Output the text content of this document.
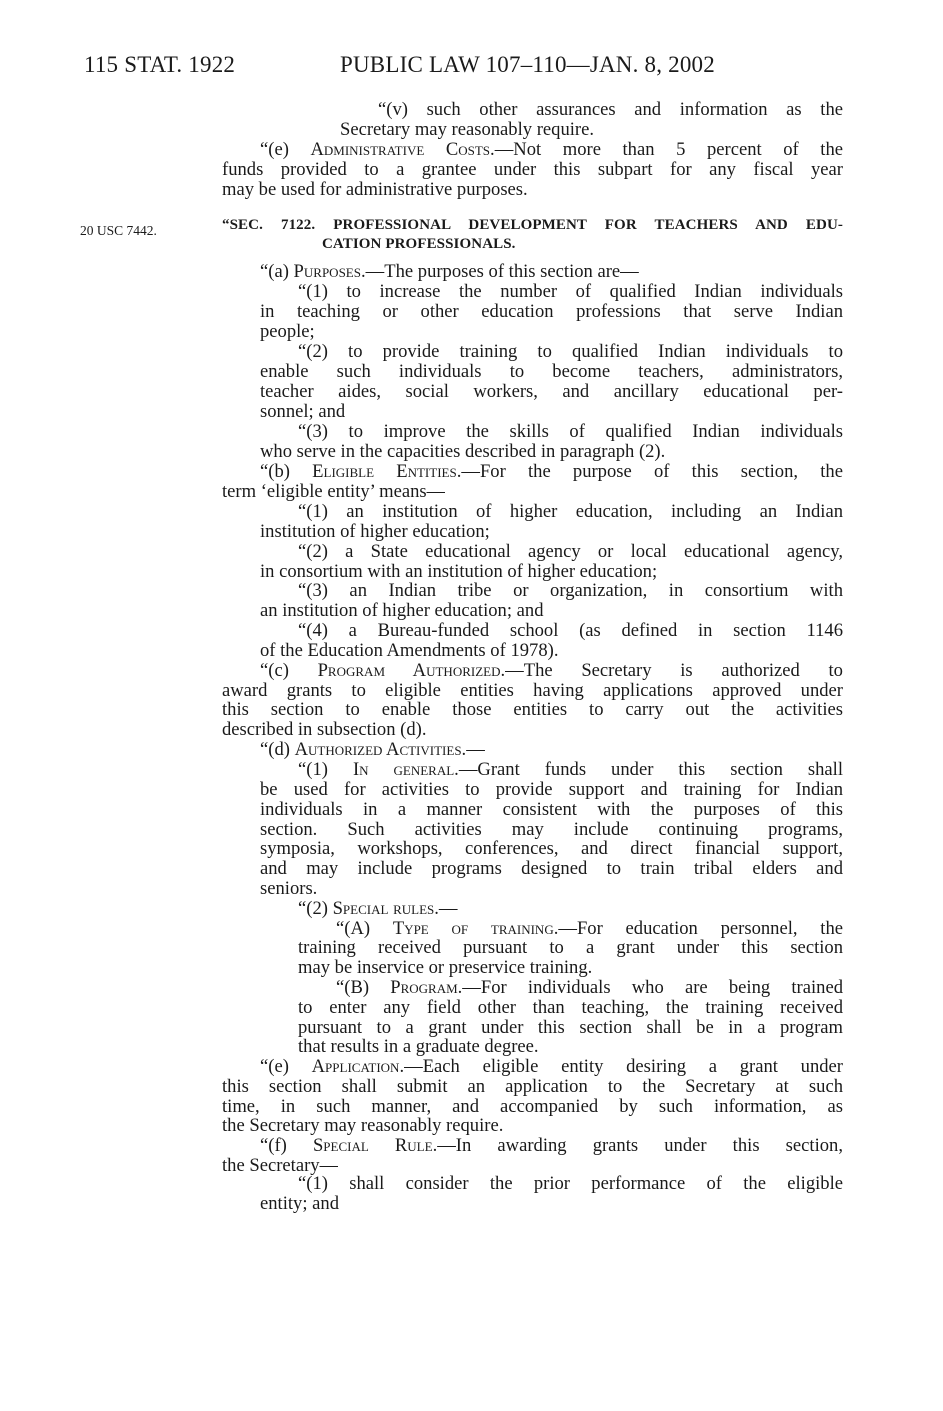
115 STAT. 1922	PUBLIC LAW 107–110—JAN. 8, 2002
20 USC 7442.
“(v) such other assurances and information as the
Secretary may reasonably require.
“(e) Administrative Costs.—Not more than 5 percent of the
funds provided to a grantee under this subpart for any fiscal year
may be used for administrative purposes.
“SEC. 7122. PROFESSIONAL DEVELOPMENT FOR TEACHERS AND EDU-
CATION PROFESSIONALS.
“(a) Purposes.—The purposes of this section are—
“(1) to increase the number of qualified Indian individuals
in teaching or other education professions that serve Indian
people;
“(2) to provide training to qualified Indian individuals to
enable such individuals to become teachers, administrators,
teacher aides, social workers, and ancillary educational per-
sonnel; and
“(3) to improve the skills of qualified Indian individuals
who serve in the capacities described in paragraph (2).
“(b) Eligible Entities.—For the purpose of this section, the
term ‘eligible entity’ means—
“(1) an institution of higher education, including an Indian
institution of higher education;
“(2) a State educational agency or local educational agency,
in consortium with an institution of higher education;
“(3) an Indian tribe or organization, in consortium with
an institution of higher education; and
“(4) a Bureau-funded school (as defined in section 1146
of the Education Amendments of 1978).
“(c) Program Authorized.—The Secretary is authorized to
award grants to eligible entities having applications approved under
this section to enable those entities to carry out the activities
described in subsection (d).
“(d) Authorized Activities.—
“(1) In general.—Grant funds under this section shall
be used for activities to provide support and training for Indian
individuals in a manner consistent with the purposes of this
section. Such activities may include continuing programs,
symposia, workshops, conferences, and direct financial support,
and may include programs designed to train tribal elders and
seniors.
“(2) Special rules.—
“(A) Type of training.—For education personnel, the
training received pursuant to a grant under this section
may be inservice or preservice training.
“(B) Program.—For individuals who are being trained
to enter any field other than teaching, the training received
pursuant to a grant under this section shall be in a program
that results in a graduate degree.
“(e) Application.—Each eligible entity desiring a grant under
this section shall submit an application to the Secretary at such
time, in such manner, and accompanied by such information, as
the Secretary may reasonably require.
“(f) Special Rule.—In awarding grants under this section,
the Secretary—
“(1) shall consider the prior performance of the eligible
entity; and
